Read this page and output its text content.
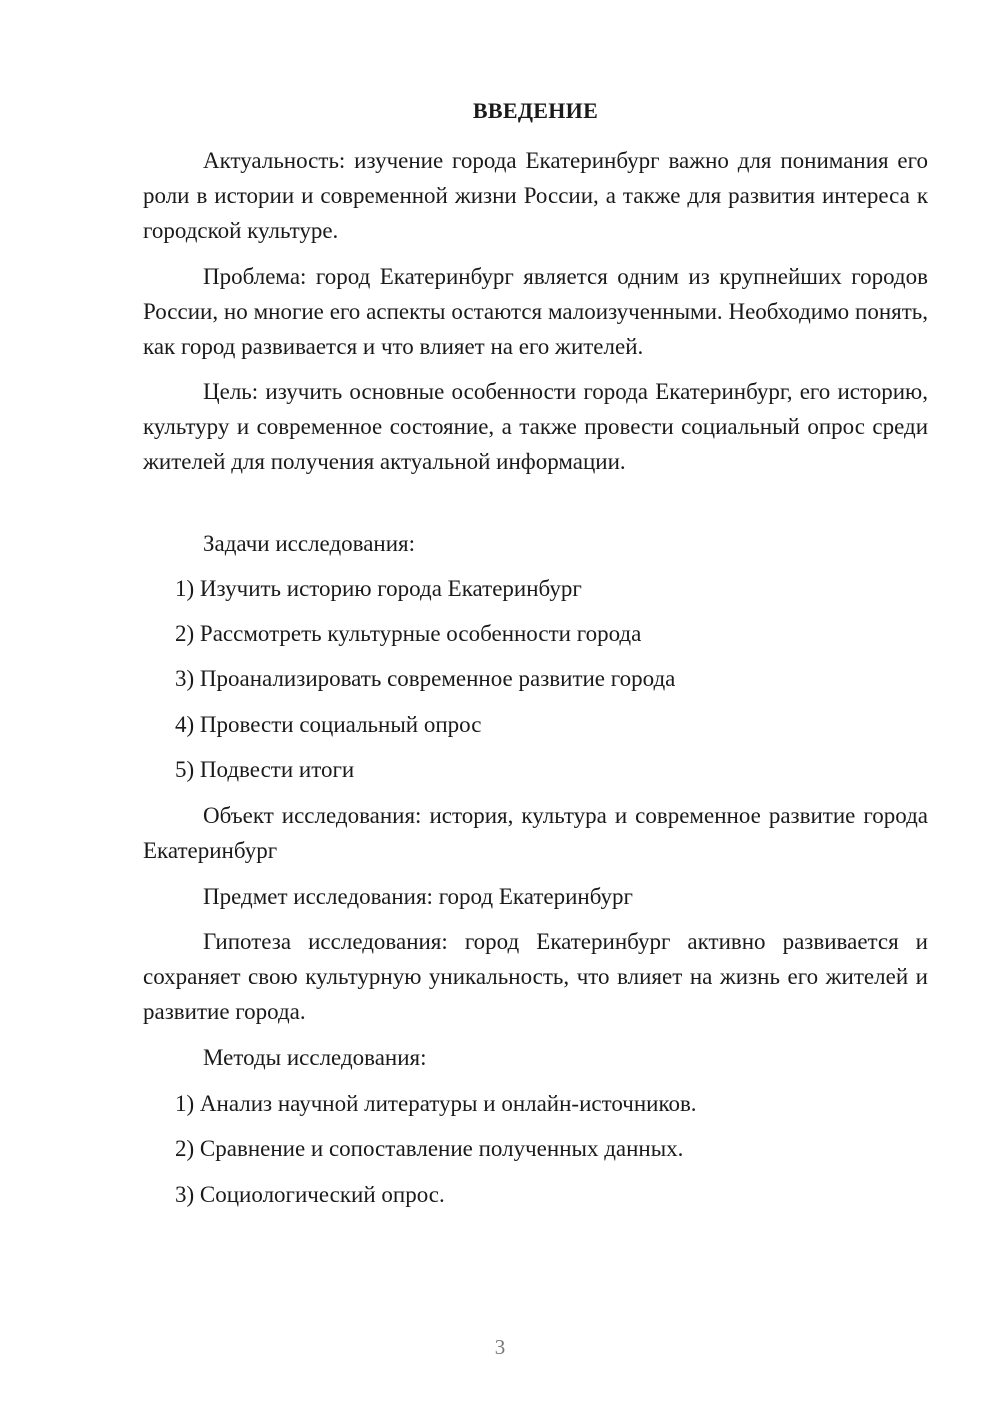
ВВЕДЕНИЕ

Актуальность: изучение города Екатеринбург важно для понимания его роли в истории и современной жизни России, а также для развития интереса к городской культуре.

Проблема: город Екатеринбург является одним из крупнейших городов России, но многие его аспекты остаются малоизученными. Необходимо понять, как город развивается и что влияет на его жителей.

Цель: изучить основные особенности города Екатеринбург, его историю, культуру и современное состояние, а также провести социальный опрос среди жителей для получения актуальной информации.

Задачи исследования:

1) Изучить историю города Екатеринбург

2) Рассмотреть культурные особенности города

3) Проанализировать современное развитие города

4) Провести социальный опрос

5) Подвести итоги

Объект исследования: история, культура и современное развитие города Екатеринбург

Предмет исследования: город Екатеринбург

Гипотеза исследования: город Екатеринбург активно развивается и сохраняет свою культурную уникальность, что влияет на жизнь его жителей и развитие города.

Методы исследования:

1) Анализ научной литературы и онлайн-источников.

2) Сравнение и сопоставление полученных данных.

3) Социологический опрос.

3
